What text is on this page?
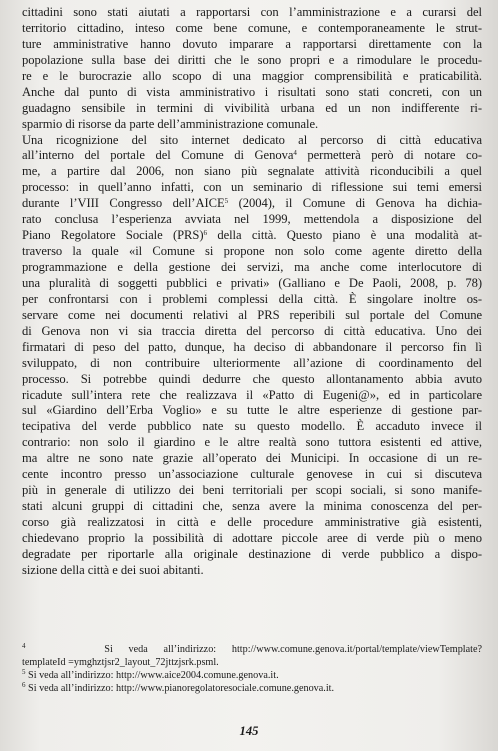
cittadini sono stati aiutati a rapportarsi con l’amministrazione e a curarsi del
territorio cittadino, inteso come bene comune, e contemporaneamente le strut-
ture amministrative hanno dovuto imparare a rapportarsi direttamente con la
popolazione sulla base dei diritti che le sono propri e a rimodulare le procedu-
re e le burocrazie allo scopo di una maggior comprensibilità e praticabilità.
Anche dal punto di vista amministrativo i risultati sono stati concreti, con un
guadagno sensibile in termini di vivibilità urbana ed un non indifferente ri-
sparmio di risorse da parte dell’amministrazione comunale.
Una ricognizione del sito internet dedicato al percorso di città educativa
all’interno del portale del Comune di Genova$^4$ permetterà però di notare co-
me, a partire dal 2006, non siano più segnalate attività riconducibili a quel
processo: in quell’anno infatti, con un seminario di riflessione sui temi emersi
durante l’VIII Congresso dell’AICE$^5$ (2004), il Comune di Genova ha dichia-
rato conclusa l’esperienza avviata nel 1999, mettendola a disposizione del
Piano Regolatore Sociale (PRS)$^6$ della città. Questo piano è una modalità at-
traverso la quale «il Comune si propone non solo come agente diretto della
programmazione e della gestione dei servizi, ma anche come interlocutore di
una pluralità di soggetti pubblici e privati» (Galliano e De Paoli, 2008, p. 78)
per confrontarsi con i problemi complessi della città. È singolare inoltre os-
servare come nei documenti relativi al PRS reperibili sul portale del Comune
di Genova non vi sia traccia diretta del percorso di città educativa. Uno dei
firmatari di peso del patto, dunque, ha deciso di abbandonare il percorso fin lì
sviluppato, di non contribuire ulteriormente all’azione di coordinamento del
processo. Si potrebbe quindi dedurre che questo allontanamento abbia avuto
ricadute sull’intera rete che realizzava il «Patto di Eugeni@», ed in particolare
sul «Giardino dell’Erba Voglio» e su tutte le altre esperienze di gestione par-
tecipativa del verde pubblico nate su questo modello. È accaduto invece il
contrario: non solo il giardino e le altre realtà sono tuttora esistenti ed attive,
ma altre ne sono nate grazie all’operato dei Municipi. In occasione di un re-
cente incontro presso un’associazione culturale genovese in cui si discuteva
più in generale di utilizzo dei beni territoriali per scopi sociali, si sono manife-
stati alcuni gruppi di cittadini che, senza avere la minima conoscenza del per-
corso già realizzatosi in città e delle procedure amministrative già esistenti,
chiedevano proprio la possibilità di adottare piccole aree di verde più o meno
degradate per riportarle alla originale destinazione di verde pubblico a dispo-
sizione della città e dei suoi abitanti.
$^4$	Si veda all’indirizzo: http://www.comune.genova.it/portal/template/viewTemplate?
templateId =ymghztjsr2_layout_72jttzjsrk.psml.
$^5$ Si veda all’indirizzo: http://www.aice2004.comune.genova.it.
$^6$ Si veda all’indirizzo: http://www.pianoregolatoresociale.comune.genova.it.
145
